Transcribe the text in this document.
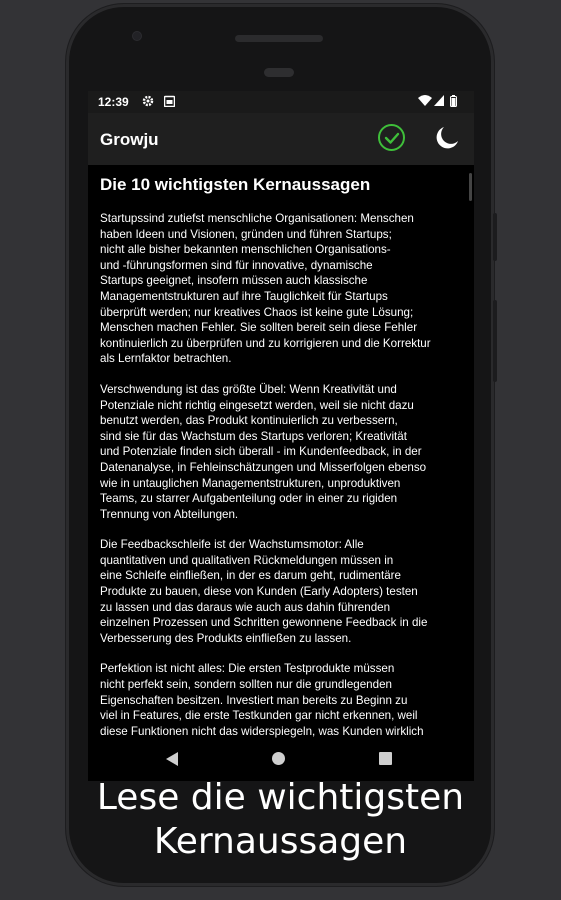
12:39
Growju
Die 10 wichtigsten Kernaussagen

Startupssind zutiefst menschliche Organisationen: Menschen
haben Ideen und Visionen, gründen und führen Startups;
nicht alle bisher bekannten menschlichen Organisations-
und -führungsformen sind für innovative, dynamische
Startups geeignet, insofern müssen auch klassische
Managementstrukturen auf ihre Tauglichkeit für Startups
überprüft werden; nur kreatives Chaos ist keine gute Lösung;
Menschen machen Fehler. Sie sollten bereit sein diese Fehler
kontinuierlich zu überprüfen und zu korrigieren und die Korrektur
als Lernfaktor betrachten.

Verschwendung ist das größte Übel: Wenn Kreativität und
Potenziale nicht richtig eingesetzt werden, weil sie nicht dazu
benutzt werden, das Produkt kontinuierlich zu verbessern,
sind sie für das Wachstum des Startups verloren; Kreativität
und Potenziale finden sich überall - im Kundenfeedback, in der
Datenanalyse, in Fehleinschätzungen und Misserfolgen ebenso
wie in untauglichen Managementstrukturen, unproduktiven
Teams, zu starrer Aufgabenteilung oder in einer zu rigiden
Trennung von Abteilungen.

Die Feedbackschleife ist der Wachstumsmotor: Alle
quantitativen und qualitativen Rückmeldungen müssen in
eine Schleife einfließen, in der es darum geht, rudimentäre
Produkte zu bauen, diese von Kunden (Early Adopters) testen
zu lassen und das daraus wie auch aus dahin führenden
einzelnen Prozessen und Schritten gewonnene Feedback in die
Verbesserung des Produkts einfließen zu lassen.

Perfektion ist nicht alles: Die ersten Testprodukte müssen
nicht perfekt sein, sondern sollten nur die grundlegenden
Eigenschaften besitzen. Investiert man bereits zu Beginn zu
viel in Features, die erste Testkunden gar nicht erkennen, weil
diese Funktionen nicht das widerspiegeln, was Kunden wirklich

Lese die wichtigsten
Kernaussagen
